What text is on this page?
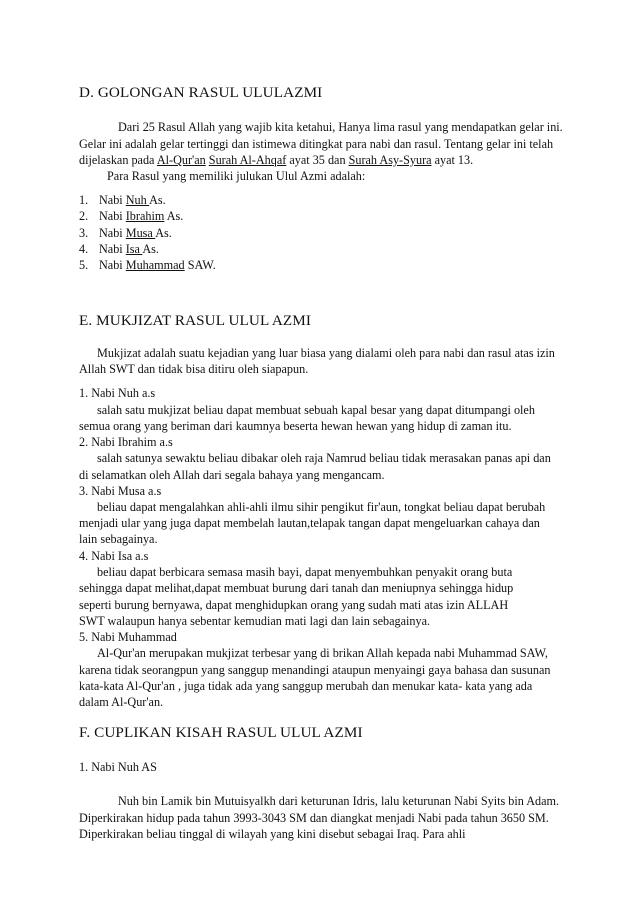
D. GOLONGAN RASUL ULULAZMI
Dari 25 Rasul Allah yang wajib kita ketahui, Hanya lima rasul yang mendapatkan gelar ini.
Gelar ini adalah gelar tertinggi dan istimewa ditingkat para nabi dan rasul. Tentang gelar ini telah
dijelaskan pada Al-Qur'an Surah Al-Ahqaf ayat 35 dan Surah Asy-Syura ayat 13.
Para Rasul yang memiliki julukan Ulul Azmi adalah:
1. Nabi Nuh As.
2. Nabi Ibrahim As.
3. Nabi Musa As.
4. Nabi Isa As.
5. Nabi Muhammad SAW.
E. MUKJIZAT RASUL ULUL AZMI
Mukjizat adalah suatu kejadian yang luar biasa yang dialami oleh para nabi dan rasul atas izin
Allah SWT dan tidak bisa ditiru oleh siapapun.
1. Nabi Nuh a.s
salah satu mukjizat beliau dapat membuat sebuah kapal besar yang dapat ditumpangi oleh
semua orang yang beriman dari kaumnya beserta hewan hewan yang hidup di zaman itu.
2. Nabi Ibrahim a.s
salah satunya sewaktu beliau dibakar oleh raja Namrud beliau tidak merasakan panas api dan
di selamatkan oleh Allah dari segala bahaya yang mengancam.
3. Nabi Musa a.s
beliau dapat mengalahkan ahli-ahli ilmu sihir pengikut fir'aun, tongkat beliau dapat berubah
menjadi ular yang juga dapat membelah lautan,telapak tangan dapat mengeluarkan cahaya dan
lain sebagainya.
4. Nabi Isa a.s
beliau dapat berbicara semasa masih bayi, dapat menyembuhkan penyakit orang buta
sehingga dapat melihat,dapat membuat burung dari tanah dan meniupnya sehingga hidup
seperti burung bernyawa, dapat menghidupkan orang yang sudah mati atas izin ALLAH
SWT walaupun hanya sebentar kemudian mati lagi dan lain sebagainya.
5. Nabi Muhammad
Al-Qur'an merupakan mukjizat terbesar yang di brikan Allah kepada nabi Muhammad SAW,
karena tidak seorangpun yang sanggup menandingi ataupun menyaingi gaya bahasa dan susunan
kata-kata Al-Qur'an , juga tidak ada yang sanggup merubah dan menukar kata- kata yang ada
dalam Al-Qur'an.
F. CUPLIKAN KISAH RASUL ULUL AZMI
1. Nabi Nuh AS
Nuh bin Lamik bin Mutuisyalkh dari keturunan Idris, lalu keturunan Nabi Syits bin Adam.
Diperkirakan hidup pada tahun 3993-3043 SM dan diangkat menjadi Nabi pada tahun 3650 SM.
Diperkirakan beliau tinggal di wilayah yang kini disebut sebagai Iraq. Para ahli
